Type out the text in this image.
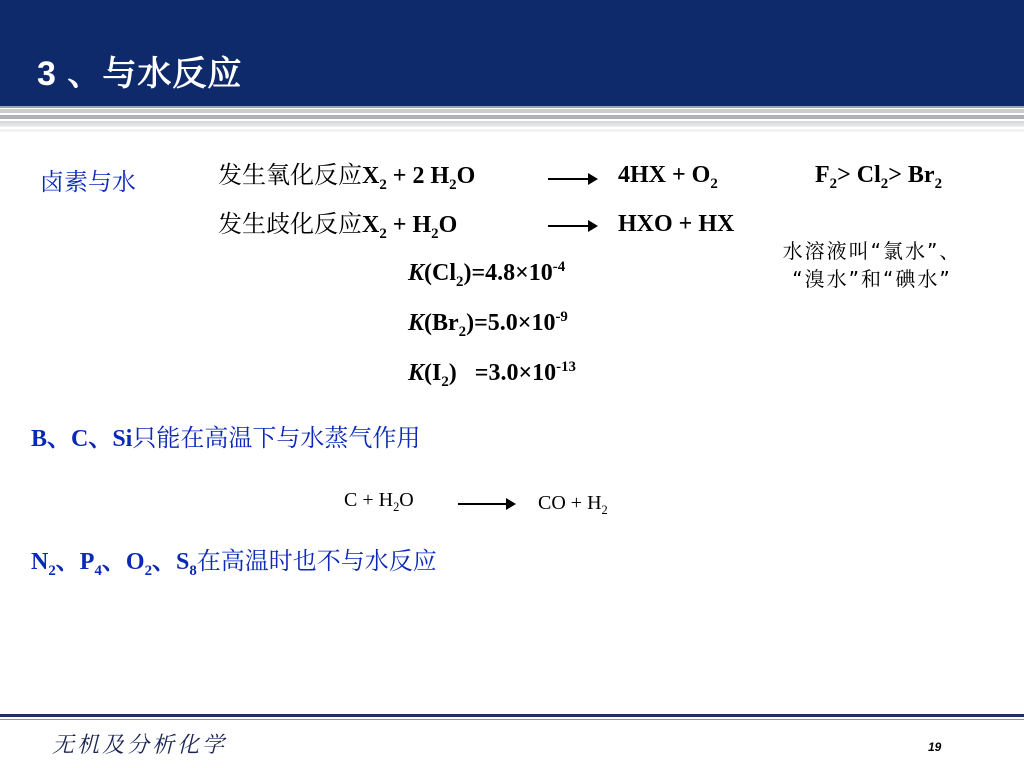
3 、与水反应
卤素与水	发生氧化反应 $X_2 + 2$ $H_2O$	→ $4HX + O_2$	$F_2> Cl_2> Br_2$
发生歧化反应 $X_2 + H_2O$	→ HXO + HX
水溶液叫“氯水”、
“溴水”和“碘水”
$K(Cl_2)=4.8\times 10^{-4}$
$K(Br_2)=5.0\times 10^{-9}$
$K(I_2) =3.0\times 10^{-13}$
B、C、Si只能在高温下与水蒸气作用
$C + H_2O$	→ CO + $H_2$
$N_2$、$P_4$、$O_2$、$S_8$在高温时也不与水反应
无机及分析化学	19
